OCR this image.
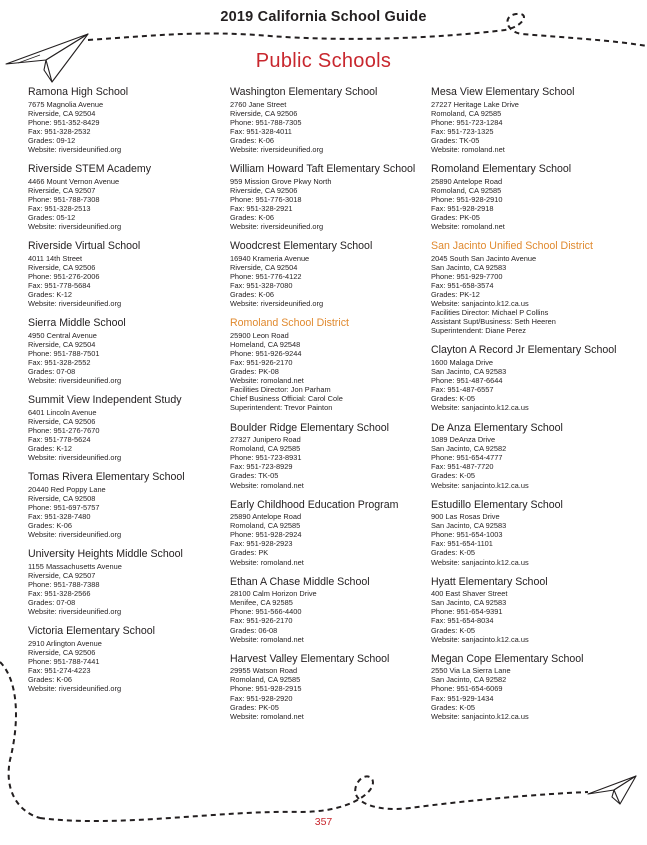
2019 California School Guide
Public Schools
Ramona High School
7675 Magnolia Avenue
Riverside, CA 92504
Phone: 951-352-8429
Fax: 951-328-2532
Grades: 09-12
Website: riversideunified.org
Riverside STEM Academy
4466 Mount Vernon Avenue
Riverside, CA 92507
Phone: 951-788-7308
Fax: 951-328-2513
Grades: 05-12
Website: riversideunified.org
Riverside Virtual School
4011 14th Street
Riverside, CA 92506
Phone: 951-276-2006
Fax: 951-778-5684
Grades: K-12
Website: riversideunified.org
Sierra Middle School
4950 Central Avenue
Riverside, CA 92504
Phone: 951-788-7501
Fax: 951-328-2552
Grades: 07-08
Website: riversideunified.org
Summit View Independent Study
6401 Lincoln Avenue
Riverside, CA 92506
Phone: 951-276-7670
Fax: 951-778-5624
Grades: K-12
Website: riversideunified.org
Tomas Rivera Elementary School
20440 Red Poppy Lane
Riverside, CA 92508
Phone: 951-697-5757
Fax: 951-328-7480
Grades: K-06
Website: riversideunified.org
University Heights Middle School
1155 Massachusetts Avenue
Riverside, CA 92507
Phone: 951-788-7388
Fax: 951-328-2566
Grades: 07-08
Website: riversideunified.org
Victoria Elementary School
2910 Arlington Avenue
Riverside, CA 92506
Phone: 951-788-7441
Fax: 951-274-4223
Grades: K-06
Website: riversideunified.org
Washington Elementary School
2760 Jane Street
Riverside, CA 92506
Phone: 951-788-7305
Fax: 951-328-4011
Grades: K-06
Website: riversideunified.org
William Howard Taft Elementary School
959 Mission Grove Pkwy North
Riverside, CA 92506
Phone: 951-776-3018
Fax: 951-328-2921
Grades: K-06
Website: riversideunified.org
Woodcrest Elementary School
16940 Krameria Avenue
Riverside, CA 92504
Phone: 951-776-4122
Fax: 951-328-7080
Grades: K-06
Website: riversideunified.org
Romoland School District
25900 Leon Road
Homeland, CA 92548
Phone: 951-926-9244
Fax: 951-926-2170
Grades: PK-08
Website: romoland.net
Facilities Director: Jon Parham
Chief Business Official: Carol Cole
Superintendent: Trevor Painton
Boulder Ridge Elementary School
27327 Junipero Road
Romoland, CA 92585
Phone: 951-723-8931
Fax: 951-723-8929
Grades: TK-05
Website: romoland.net
Early Childhood Education Program
25890 Antelope Road
Romoland, CA 92585
Phone: 951-928-2924
Fax: 951-928-2923
Grades: PK
Website: romoland.net
Ethan A Chase Middle School
28100 Calm Horizon Drive
Menifee, CA 92585
Phone: 951-566-4400
Fax: 951-926-2170
Grades: 06-08
Website: romoland.net
Harvest Valley Elementary School
29955 Watson Road
Romoland, CA 92585
Phone: 951-928-2915
Fax: 951-928-2920
Grades: PK-05
Website: romoland.net
Mesa View Elementary School
27227 Heritage Lake Drive
Romoland, CA 92585
Phone: 951-723-1284
Fax: 951-723-1325
Grades: TK-05
Website: romoland.net
Romoland Elementary School
25890 Antelope Road
Romoland, CA 92585
Phone: 951-928-2910
Fax: 951-928-2918
Grades: PK-05
Website: romoland.net
San Jacinto Unified School District
2045 South San Jacinto Avenue
San Jacinto, CA 92583
Phone: 951-929-7700
Fax: 951-658-3574
Grades: PK-12
Website: sanjacinto.k12.ca.us
Facilities Director: Michael P Collins
Assistant Supt/Business: Seth Heeren
Superintendent: Diane Perez
Clayton A Record Jr Elementary School
1600 Malaga Drive
San Jacinto, CA 92583
Phone: 951-487-6644
Fax: 951-487-6557
Grades: K-05
Website: sanjacinto.k12.ca.us
De Anza Elementary School
1089 DeAnza Drive
San Jacinto, CA 92582
Phone: 951-654-4777
Fax: 951-487-7720
Grades: K-05
Website: sanjacinto.k12.ca.us
Estudillo Elementary School
900 Las Rosas Drive
San Jacinto, CA 92583
Phone: 951-654-1003
Fax: 951-654-1101
Grades: K-05
Website: sanjacinto.k12.ca.us
Hyatt Elementary School
400 East Shaver Street
San Jacinto, CA 92583
Phone: 951-654-9391
Fax: 951-654-8034
Grades: K-05
Website: sanjacinto.k12.ca.us
Megan Cope Elementary School
2550 Via La Sierra Lane
San Jacinto, CA 92582
Phone: 951-654-6069
Fax: 951-929-1434
Grades: K-05
Website: sanjacinto.k12.ca.us
357
